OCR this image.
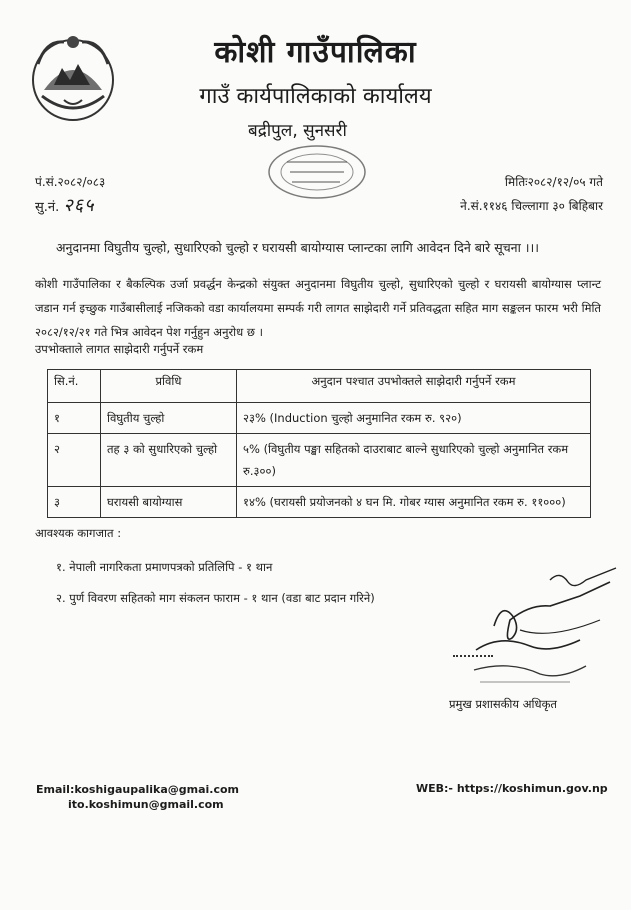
कोशी गाउँपालिका
गाउँ कार्यपालिकाको कार्यालय
बद्रीपुल, सुनसरी
पं.सं.२०८२/०८३
सु.नं. २६५
मितिः२०८२/१२/०५ गते
ने.सं.११४६ चिल्लागा ३० बिहिबार
अनुदानमा विघुतीय चुल्हो, सुधारिएको चुल्हो र घरायसी बायोग्यास प्लान्टका लागि आवेदन दिने बारे सूचना ।।।
कोशी गाउँपालिका र बैकल्पिक उर्जा प्रवर्द्धन केन्द्रको संयुक्त अनुदानमा विघुतीय चुल्हो, सुधारिएको चुल्हो र घरायसी बायोग्यास प्लान्ट जडान गर्न इच्छुक गाउँबासीलाई नजिकको वडा कार्यालयमा सम्पर्क गरी लागत साझेदारी गर्ने प्रतिवद्धता सहित माग सङ्कलन फारम भरी मिति २०८२/१२/२१ गते भित्र आवेदन पेश गर्नुहुन अनुरोध छ ।
उपभोक्ताले लागत साझेदारी गर्नुपर्ने रकम
सि.नं.	प्रविधि	अनुदान पश्चात उपभोक्तले साझेदारी गर्नुपर्ने रकम
१	विघुतीय चुल्हो	२३% (Induction चुल्हो अनुमानित रकम रु. ९२०)
२	तह ३ को सुधारिएको चुल्हो	५% (विघुतीय पङ्खा सहितको दाउराबाट बाल्ने सुधारिएको चुल्हो अनुमानित रकम रु.३००)
३	घरायसी बायोग्यास	१४% (घरायसी प्रयोजनको ४ घन मि. गोबर ग्यास अनुमानित रकम रु. ११०००)
आवश्यक कागजात :
१. नेपाली नागरिकता प्रमाणपत्रको प्रतिलिपि - १ थान
२. पुर्ण विवरण सहितको माग संकलन फाराम - १ थान (वडा बाट प्रदान गरिने)
प्रमुख प्रशासकीय अधिकृत
Email:koshigaupalika@gmai.com
ito.koshimun@gmail.com
WEB:- https://koshimun.gov.np
